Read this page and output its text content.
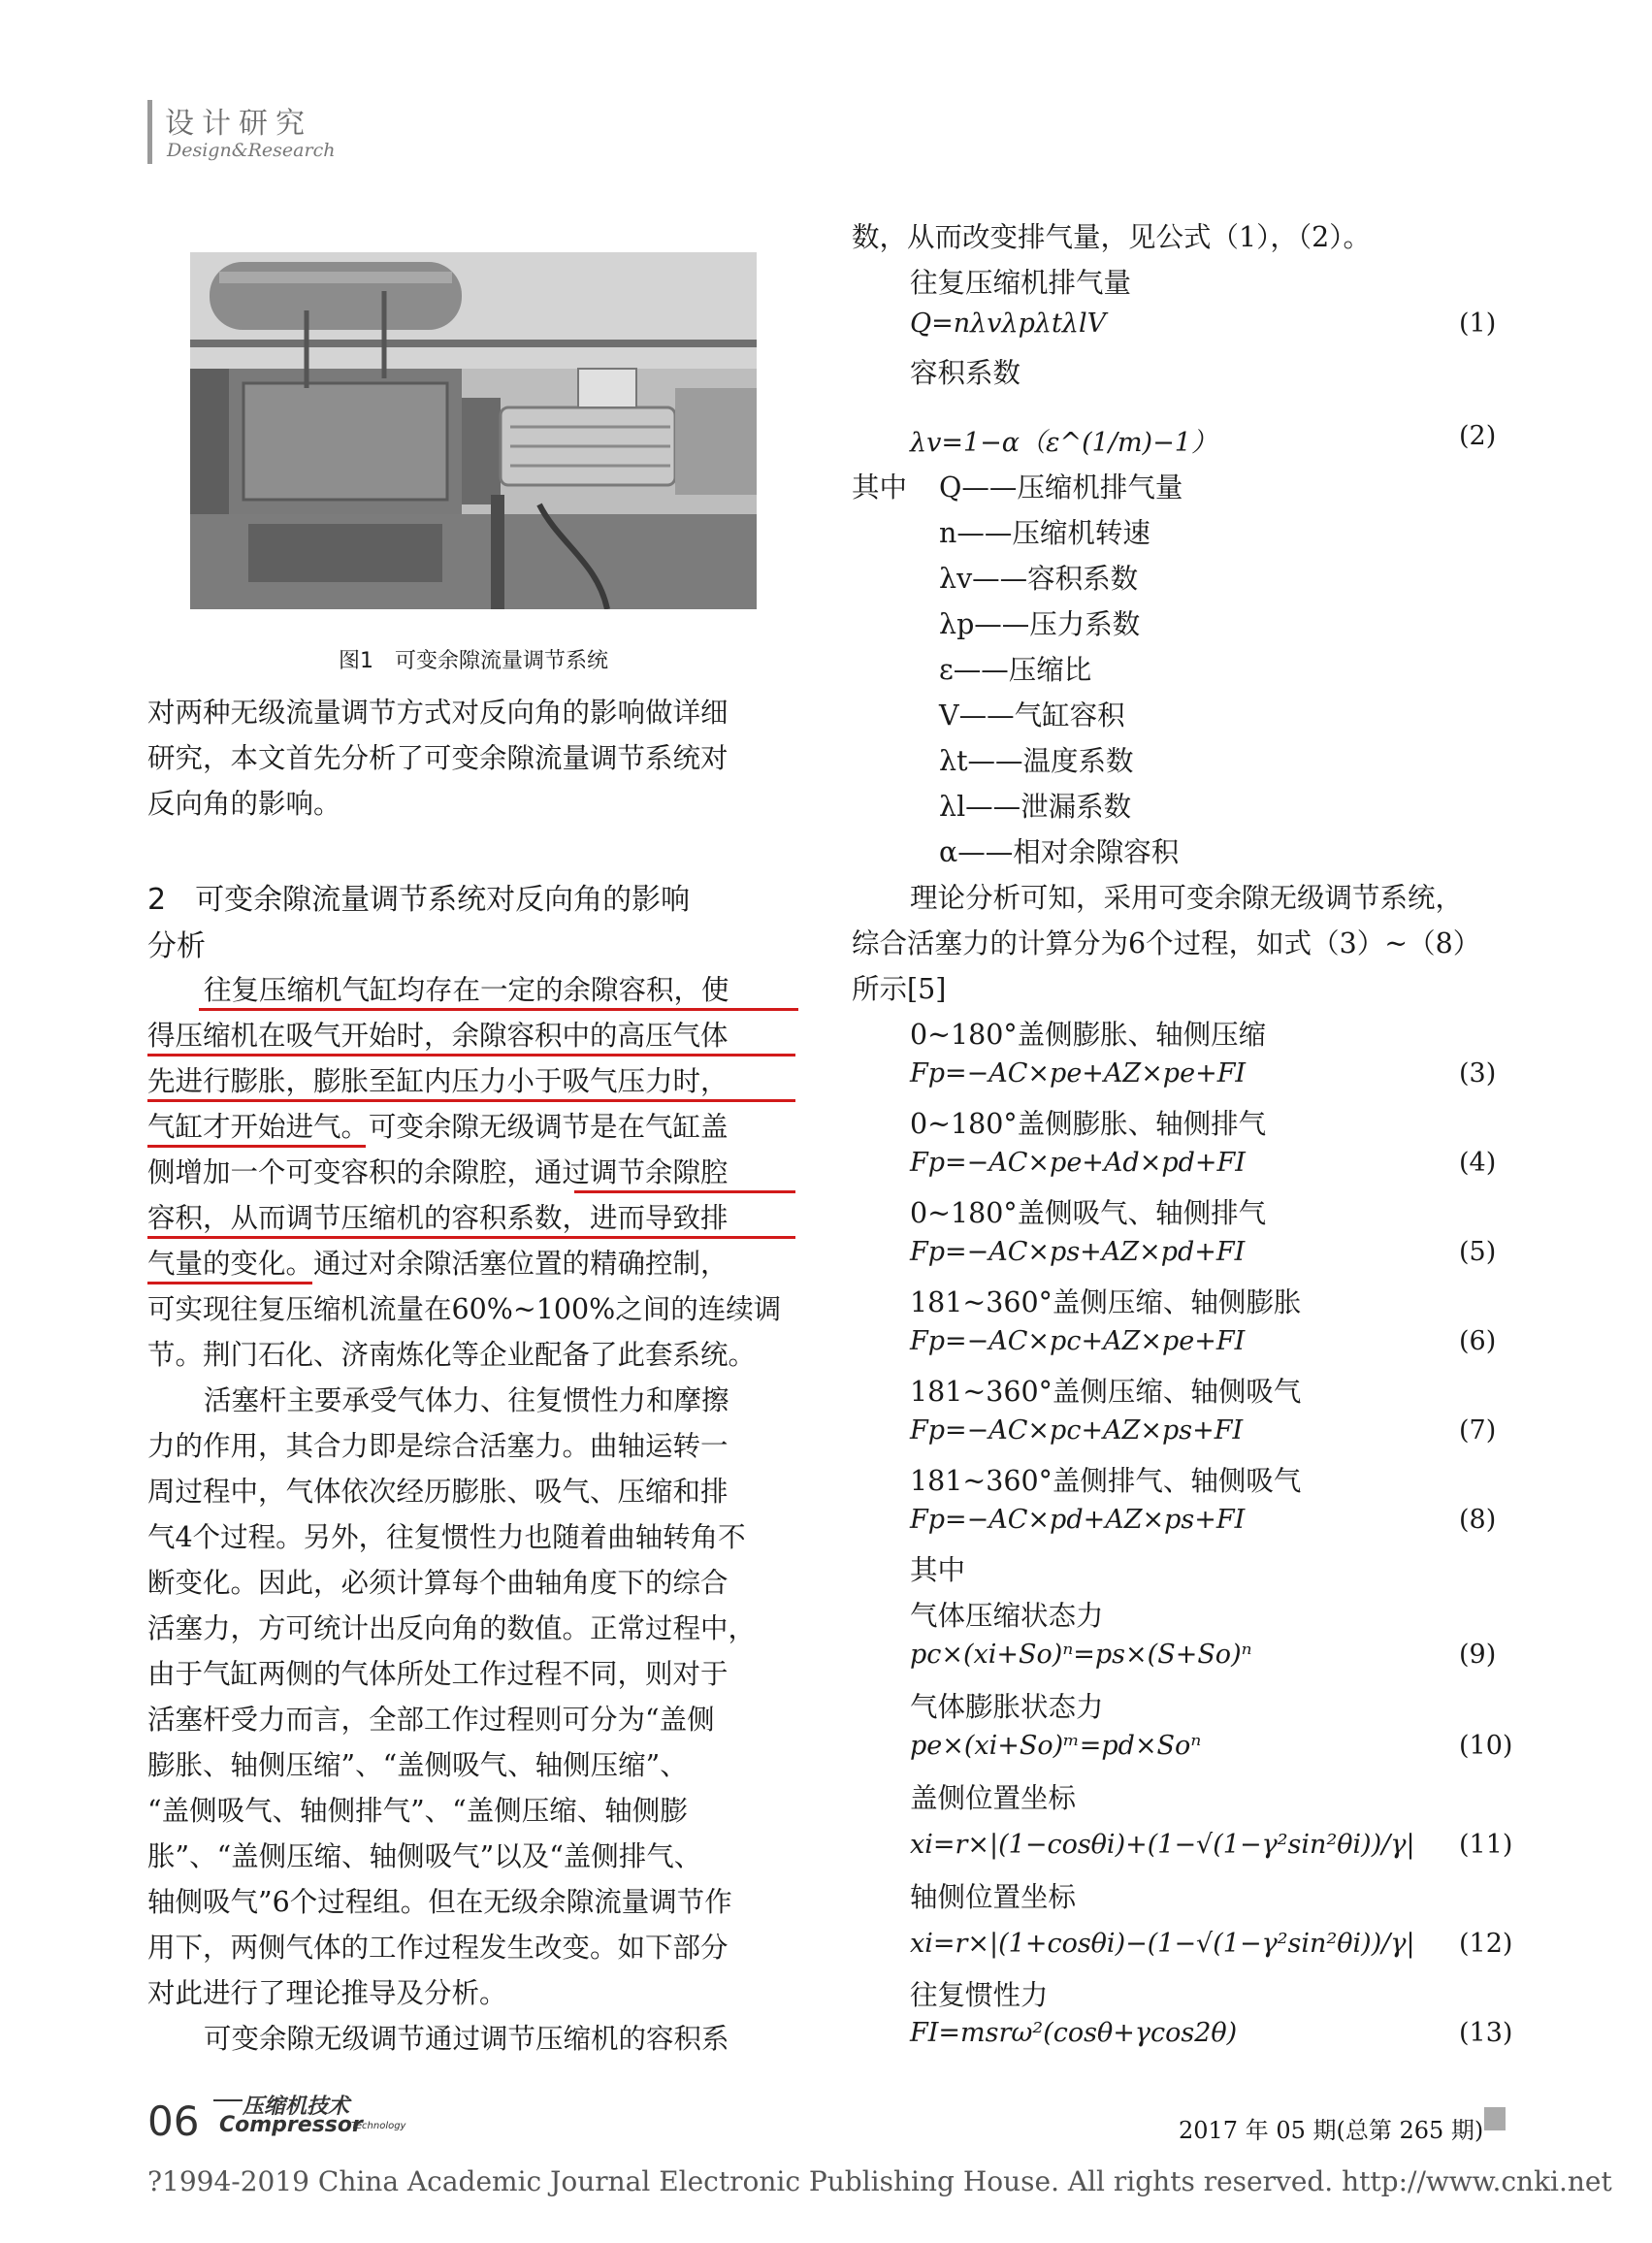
设计研究
Design&Research
图1　可变余隙流量调节系统
对两种无级流量调节方式对反向角的影响做详细
研究，本文首先分析了可变余隙流量调节系统对
反向角的影响。
2　可变余隙流量调节系统对反向角的影响
分析
往复压缩机气缸均存在一定的余隙容积，使
得压缩机在吸气开始时，余隙容积中的高压气体
先进行膨胀，膨胀至缸内压力小于吸气压力时，
气缸才开始进气。可变余隙无级调节是在气缸盖
侧增加一个可变容积的余隙腔，通过调节余隙腔
容积，从而调节压缩机的容积系数，进而导致排
气量的变化。通过对余隙活塞位置的精确控制，
可实现往复压缩机流量在60%~100%之间的连续调
节。荆门石化、济南炼化等企业配备了此套系统。
活塞杆主要承受气体力、往复惯性力和摩擦
力的作用，其合力即是综合活塞力。曲轴运转一
周过程中，气体依次经历膨胀、吸气、压缩和排
气4个过程。另外，往复惯性力也随着曲轴转角不
断变化。因此，必须计算每个曲轴角度下的综合
活塞力，方可统计出反向角的数值。正常过程中，
由于气缸两侧的气体所处工作过程不同，则对于
活塞杆受力而言，全部工作过程则可分为“盖侧
膨胀、轴侧压缩”、“盖侧吸气、轴侧压缩”、
“盖侧吸气、轴侧排气”、“盖侧压缩、轴侧膨
胀”、“盖侧压缩、轴侧吸气”以及“盖侧排气、
轴侧吸气”6个过程组。但在无级余隙流量调节作
用下，两侧气体的工作过程发生改变。如下部分
对此进行了理论推导及分析。
可变余隙无级调节通过调节压缩机的容积系
数，从而改变排气量，见公式（1），（2）。
往复压缩机排气量
Q=nλvλpλtλlV	(1)
容积系数
λv=1−α（ε^(1/m)−1）	(2)
其中 Q——压缩机排气量
n——压缩机转速
λv——容积系数
λp——压力系数
ε——压缩比
V——气缸容积
λt——温度系数
λl——泄漏系数
α——相对余隙容积
理论分析可知，采用可变余隙无级调节系统，
综合活塞力的计算分为6个过程，如式（3）~（8）
所示[5]
0~180°盖侧膨胀、轴侧压缩
Fp=−AC×pe+AZ×pe+FI	(3)
0~180°盖侧膨胀、轴侧排气
Fp=−AC×pe+Ad×pd+FI	(4)
0~180°盖侧吸气、轴侧排气
Fp=−AC×ps+AZ×pd+FI	(5)
181~360°盖侧压缩、轴侧膨胀
Fp=−AC×pc+AZ×pe+FI	(6)
181~360°盖侧压缩、轴侧吸气
Fp=−AC×pc+AZ×ps+FI	(7)
181~360°盖侧排气、轴侧吸气
Fp=−AC×pd+AZ×ps+FI	(8)
其中
气体压缩状态力
pc×(xi+So)ⁿ=ps×(S+So)ⁿ	(9)
气体膨胀状态力
pe×(xi+So)ᵐ=pd×Soⁿ	(10)
盖侧位置坐标
xi=r×|(1−cosθi)+(1−√(1−γ²sin²θi))/γ| (11)
轴侧位置坐标
xi=r×|(1+cosθi)−(1−√(1−γ²sin²θi))/γ| (12)
往复惯性力
FI=msrω²(cosθ+γcos2θ)	(13)
06 压缩机技术
Compressor
Technology	2017 年 05 期(总第 265 期)
?1994-2019 China Academic Journal Electronic Publishing House. All rights reserved. http://www.cnki.net
